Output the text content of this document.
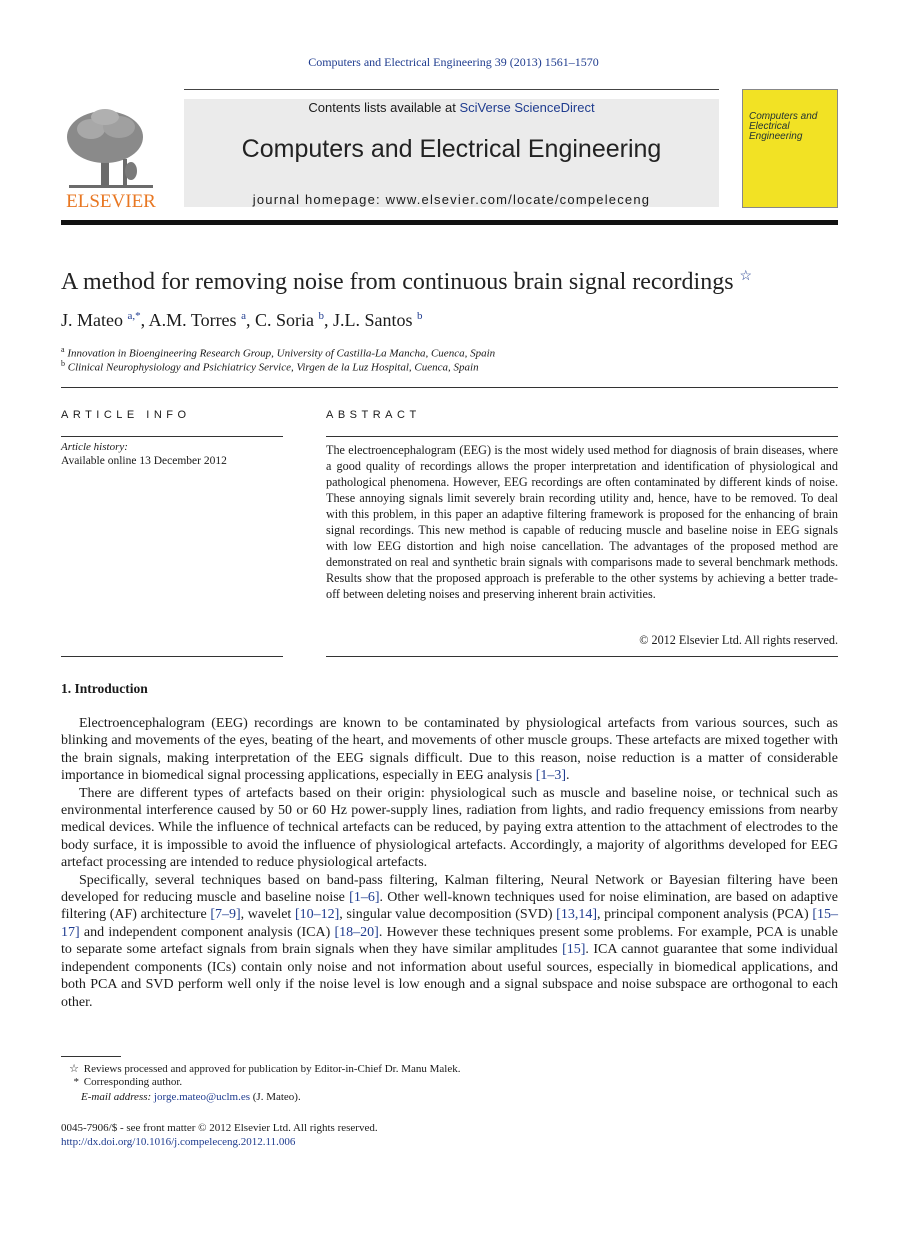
Computers and Electrical Engineering 39 (2013) 1561–1570
ELSEVIER
Contents lists available at SciVerse ScienceDirect
Computers and Electrical Engineering
journal homepage: www.elsevier.com/locate/compeleceng
Computers and Electrical Engineering
A method for removing noise from continuous brain signal recordings ☆
J. Mateo $^{a,*}$, A.M. Torres $^a$, C. Soria $^b$, J.L. Santos $^b$
$^a$ Innovation in Bioengineering Research Group, University of Castilla-La Mancha, Cuenca, Spain
$^b$ Clinical Neurophysiology and Psichiatricy Service, Virgen de la Luz Hospital, Cuenca, Spain
ARTICLE INFO	ABSTRACT
Article history:
Available online 13 December 2012
The electroencephalogram (EEG) is the most widely used method for diagnosis of brain diseases, where a good quality of recordings allows the proper interpretation and identification of physiological and pathological phenomena. However, EEG recordings are often contaminated by different kinds of noise. These annoying signals limit severely brain recording utility and, hence, have to be removed. To deal with this problem, in this paper an adaptive filtering framework is proposed for the enhancing of brain signal recordings. This new method is capable of reducing muscle and baseline noise in EEG signals with low EEG distortion and high noise cancellation. The advantages of the proposed method are demonstrated on real and synthetic brain signals with comparisons made to several benchmark methods. Results show that the proposed approach is preferable to the other systems by achieving a better trade-off between deleting noises and preserving inherent brain activities.
© 2012 Elsevier Ltd. All rights reserved.
1. Introduction

Electroencephalogram (EEG) recordings are known to be contaminated by physiological artefacts from various sources, such as blinking and movements of the eyes, beating of the heart, and movements of other muscle groups. These artefacts are mixed together with the brain signals, making interpretation of the EEG signals difficult. Due to this reason, noise reduction is a matter of considerable importance in biomedical signal processing applications, especially in EEG analysis [1–3].

There are different types of artefacts based on their origin: physiological such as muscle and baseline noise, or technical such as environmental interference caused by 50 or 60 Hz power-supply lines, radiation from lights, and radio frequency emissions from nearby medical devices. While the influence of technical artefacts can be reduced, by paying extra attention to the attachment of electrodes to the body surface, it is impossible to avoid the influence of physiological artefacts. Accordingly, a majority of algorithms developed for EEG artefact processing are intended to reduce physiological artefacts.

Specifically, several techniques based on band-pass filtering, Kalman filtering, Neural Network or Bayesian filtering have been developed for reducing muscle and baseline noise [1–6]. Other well-known techniques used for noise elimination, are based on adaptive filtering (AF) architecture [7–9], wavelet [10–12], singular value decomposition (SVD) [13,14], principal component analysis (PCA) [15–17] and independent component analysis (ICA) [18–20]. However these techniques present some problems. For example, PCA is unable to separate some artefact signals from brain signals when they have similar amplitudes [15]. ICA cannot guarantee that some individual independent components (ICs) contain only noise and not information about useful sources, especially in biomedical applications, and both PCA and SVD perform well only if the noise level is low enough and a signal subspace and noise subspace are orthogonal to each other.

☆ Reviews processed and approved for publication by Editor-in-Chief Dr. Manu Malek.
* Corresponding author.
E-mail address: jorge.mateo@uclm.es (J. Mateo).
0045-7906/$ - see front matter © 2012 Elsevier Ltd. All rights reserved.
http://dx.doi.org/10.1016/j.compeleceng.2012.11.006
